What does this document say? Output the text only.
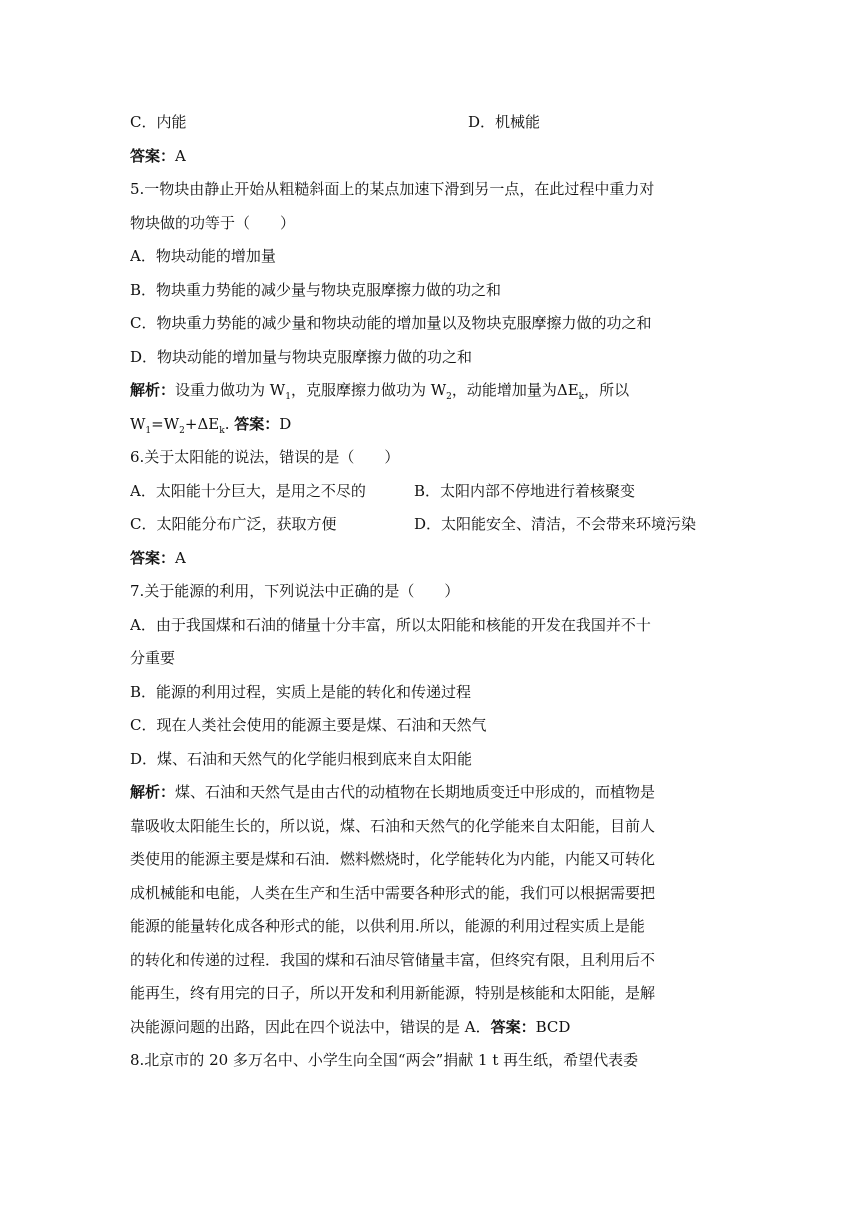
C．内能	D．机械能
答案：A
5.一物块由静止开始从粗糙斜面上的某点加速下滑到另一点，在此过程中重力对
物块做的功等于（　　）
A．物块动能的增加量
B．物块重力势能的减少量与物块克服摩擦力做的功之和
C．物块重力势能的减少量和物块动能的增加量以及物块克服摩擦力做的功之和
D．物块动能的增加量与物块克服摩擦力做的功之和
解析：设重力做功为 $W_1$，克服摩擦力做功为 $W_2$，动能增加量为$\Delta E_k$，所以
$W_1=W_2+\Delta E_k$. 答案：D
6.关于太阳能的说法，错误的是（　　）
A．太阳能十分巨大，是用之不尽的	B．太阳内部不停地进行着核聚变
C．太阳能分布广泛，获取方便	D．太阳能安全、清洁，不会带来环境污染
答案：A
7.关于能源的利用，下列说法中正确的是（　　）
A．由于我国煤和石油的储量十分丰富，所以太阳能和核能的开发在我国并不十
分重要
B．能源的利用过程，实质上是能的转化和传递过程
C．现在人类社会使用的能源主要是煤、石油和天然气
D．煤、石油和天然气的化学能归根到底来自太阳能
解析：煤、石油和天然气是由古代的动植物在长期地质变迁中形成的，而植物是
靠吸收太阳能生长的，所以说，煤、石油和天然气的化学能来自太阳能，目前人
类使用的能源主要是煤和石油．燃料燃烧时，化学能转化为内能，内能又可转化
成机械能和电能，人类在生产和生活中需要各种形式的能，我们可以根据需要把
能源的能量转化成各种形式的能，以供利用.所以，能源的利用过程实质上是能
的转化和传递的过程．我国的煤和石油尽管储量丰富，但终究有限，且利用后不
能再生，终有用完的日子，所以开发和利用新能源，特别是核能和太阳能，是解
决能源问题的出路，因此在四个说法中，错误的是 A．答案：BCD
8.北京市的 20 多万名中、小学生向全国“两会”捐献 1 t 再生纸，希望代表委
